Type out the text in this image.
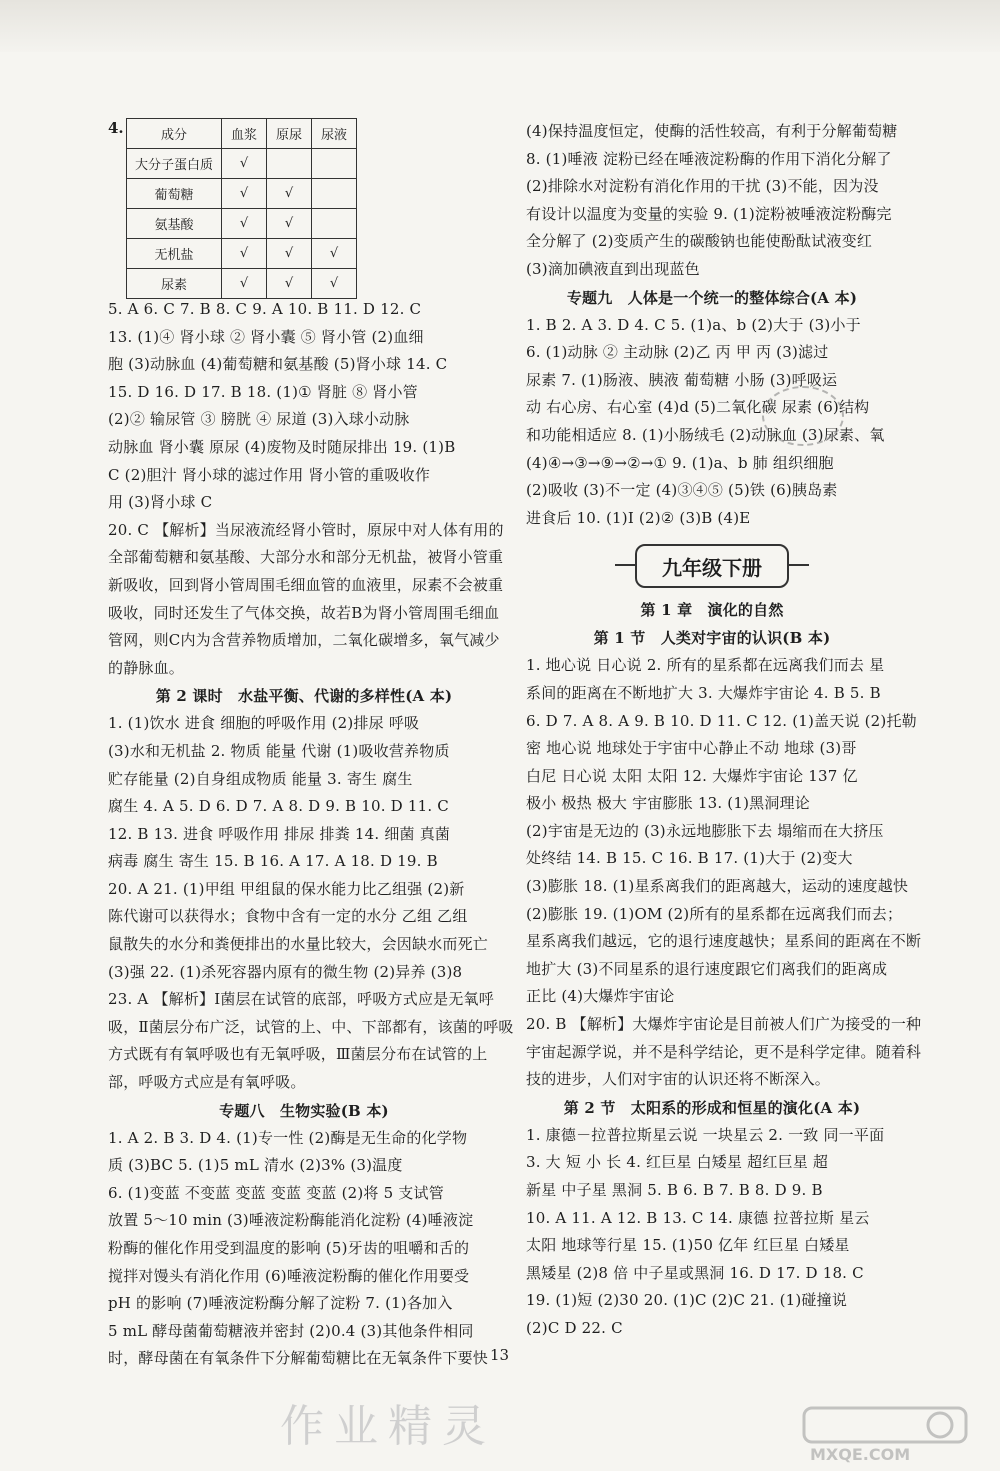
4.	成分	血浆	原尿	尿液
大分子蛋白质	√		
葡萄糖	√	√	
氨基酸	√	√	
无机盐	√	√	√
尿素	√	√	√

5. A 6. C 7. B 8. C 9. A 10. B 11. D 12. C

13. (1)④ 肾小球 ② 肾小囊 ⑤ 肾小管 (2)血细

胞 (3)动脉血 (4)葡萄糖和氨基酸 (5)肾小球 14. C

15. D 16. D 17. B 18. (1)① 肾脏 ⑧ 肾小管

(2)② 输尿管 ③ 膀胱 ④ 尿道 (3)入球小动脉

动脉血 肾小囊 原尿 (4)废物及时随尿排出 19. (1)B

C (2)胆汁 肾小球的滤过作用 肾小管的重吸收作

用 (3)肾小球 C

20. C 【解析】当尿液流经肾小管时，原尿中对人体有用的

全部葡萄糖和氨基酸、大部分水和部分无机盐，被肾小管重

新吸收，回到肾小管周围毛细血管的血液里，尿素不会被重

吸收，同时还发生了气体交换，故若B为肾小管周围毛细血

管网，则C内为含营养物质增加，二氧化碳增多，氧气减少

的静脉血。

第 2 课时　水盐平衡、代谢的多样性(A 本)

1. (1)饮水 进食 细胞的呼吸作用 (2)排尿 呼吸

(3)水和无机盐 2. 物质 能量 代谢 (1)吸收营养物质

贮存能量 (2)自身组成物质 能量 3. 寄生 腐生

腐生 4. A 5. D 6. D 7. A 8. D 9. B 10. D 11. C

12. B 13. 进食 呼吸作用 排尿 排粪 14. 细菌 真菌

病毒 腐生 寄生 15. B 16. A 17. A 18. D 19. B

20. A 21. (1)甲组 甲组鼠的保水能力比乙组强 (2)新

陈代谢可以获得水；食物中含有一定的水分 乙组 乙组

鼠散失的水分和粪便排出的水量比较大，会因缺水而死亡

(3)强 22. (1)杀死容器内原有的微生物 (2)异养 (3)8

23. A 【解析】Ⅰ菌层在试管的底部，呼吸方式应是无氧呼

吸，Ⅱ菌层分布广泛，试管的上、中、下部都有，该菌的呼吸

方式既有有氧呼吸也有无氧呼吸，Ⅲ菌层分布在试管的上

部，呼吸方式应是有氧呼吸。

专题八　生物实验(B 本)

1. A 2. B 3. D 4. (1)专一性 (2)酶是无生命的化学物

质 (3)BC 5. (1)5 mL 清水 (2)3% (3)温度

6. (1)变蓝 不变蓝 变蓝 变蓝 变蓝 (2)将 5 支试管

放置 5～10 min (3)唾液淀粉酶能消化淀粉 (4)唾液淀

粉酶的催化作用受到温度的影响 (5)牙齿的咀嚼和舌的

搅拌对馒头有消化作用 (6)唾液淀粉酶的催化作用要受

pH 的影响 (7)唾液淀粉酶分解了淀粉 7. (1)各加入

5 mL 酵母菌葡萄糖液并密封 (2)0.4 (3)其他条件相同

时，酵母菌在有氧条件下分解葡萄糖比在无氧条件下要快

(4)保持温度恒定，使酶的活性较高，有利于分解葡萄糖

8. (1)唾液 淀粉已经在唾液淀粉酶的作用下消化分解了

(2)排除水对淀粉有消化作用的干扰 (3)不能，因为没

有设计以温度为变量的实验 9. (1)淀粉被唾液淀粉酶完

全分解了 (2)变质产生的碳酸钠也能使酚酞试液变红

(3)滴加碘液直到出现蓝色

专题九　人体是一个统一的整体综合(A 本)

1. B 2. A 3. D 4. C 5. (1)a、b (2)大于 (3)小于

6. (1)动脉 ② 主动脉 (2)乙 丙 甲 丙 (3)滤过

尿素 7. (1)肠液、胰液 葡萄糖 小肠 (3)呼吸运

动 右心房、右心室 (4)d (5)二氧化碳 尿素 (6)结构

和功能相适应 8. (1)小肠绒毛 (2)动脉血 (3)尿素、氧

(4)④→③→⑨→②→① 9. (1)a、b 肺 组织细胞

(2)吸收 (3)不一定 (4)③④⑤ (5)铁 (6)胰岛素

进食后 10. (1)Ⅰ (2)② (3)B (4)E

九年级下册

第 1 章　演化的自然

第 1 节　人类对宇宙的认识(B 本)

1. 地心说 日心说 2. 所有的星系都在远离我们而去 星

系间的距离在不断地扩大 3. 大爆炸宇宙论 4. B 5. B

6. D 7. A 8. A 9. B 10. D 11. C 12. (1)盖天说 (2)托勒

密 地心说 地球处于宇宙中心静止不动 地球 (3)哥

白尼 日心说 太阳 太阳 12. 大爆炸宇宙论 137 亿

极小 极热 极大 宇宙膨胀 13. (1)黑洞理论

(2)宇宙是无边的 (3)永远地膨胀下去 塌缩而在大挤压

处终结 14. B 15. C 16. B 17. (1)大于 (2)变大

(3)膨胀 18. (1)星系离我们的距离越大，运动的速度越快

(2)膨胀 19. (1)OM (2)所有的星系都在远离我们而去；

星系离我们越远，它的退行速度越快；星系间的距离在不断

地扩大 (3)不同星系的退行速度跟它们离我们的距离成

正比 (4)大爆炸宇宙论

20. B 【解析】大爆炸宇宙论是目前被人们广为接受的一种

宇宙起源学说，并不是科学结论，更不是科学定律。随着科

技的进步，人们对宇宙的认识还将不断深入。

第 2 节　太阳系的形成和恒星的演化(A 本)

1. 康德－拉普拉斯星云说 一块星云 2. 一致 同一平面

3. 大 短 小 长 4. 红巨星 白矮星 超红巨星 超

新星 中子星 黑洞 5. B 6. B 7. B 8. D 9. B

10. A 11. A 12. B 13. C 14. 康德 拉普拉斯 星云

太阳 地球等行星 15. (1)50 亿年 红巨星 白矮星

黑矮星 (2)8 倍 中子星或黑洞 16. D 17. D 18. C

19. (1)短 (2)30 20. (1)C (2)C 21. (1)碰撞说

(2)C D 22. C

13
作业精灵
MXQE.COM
